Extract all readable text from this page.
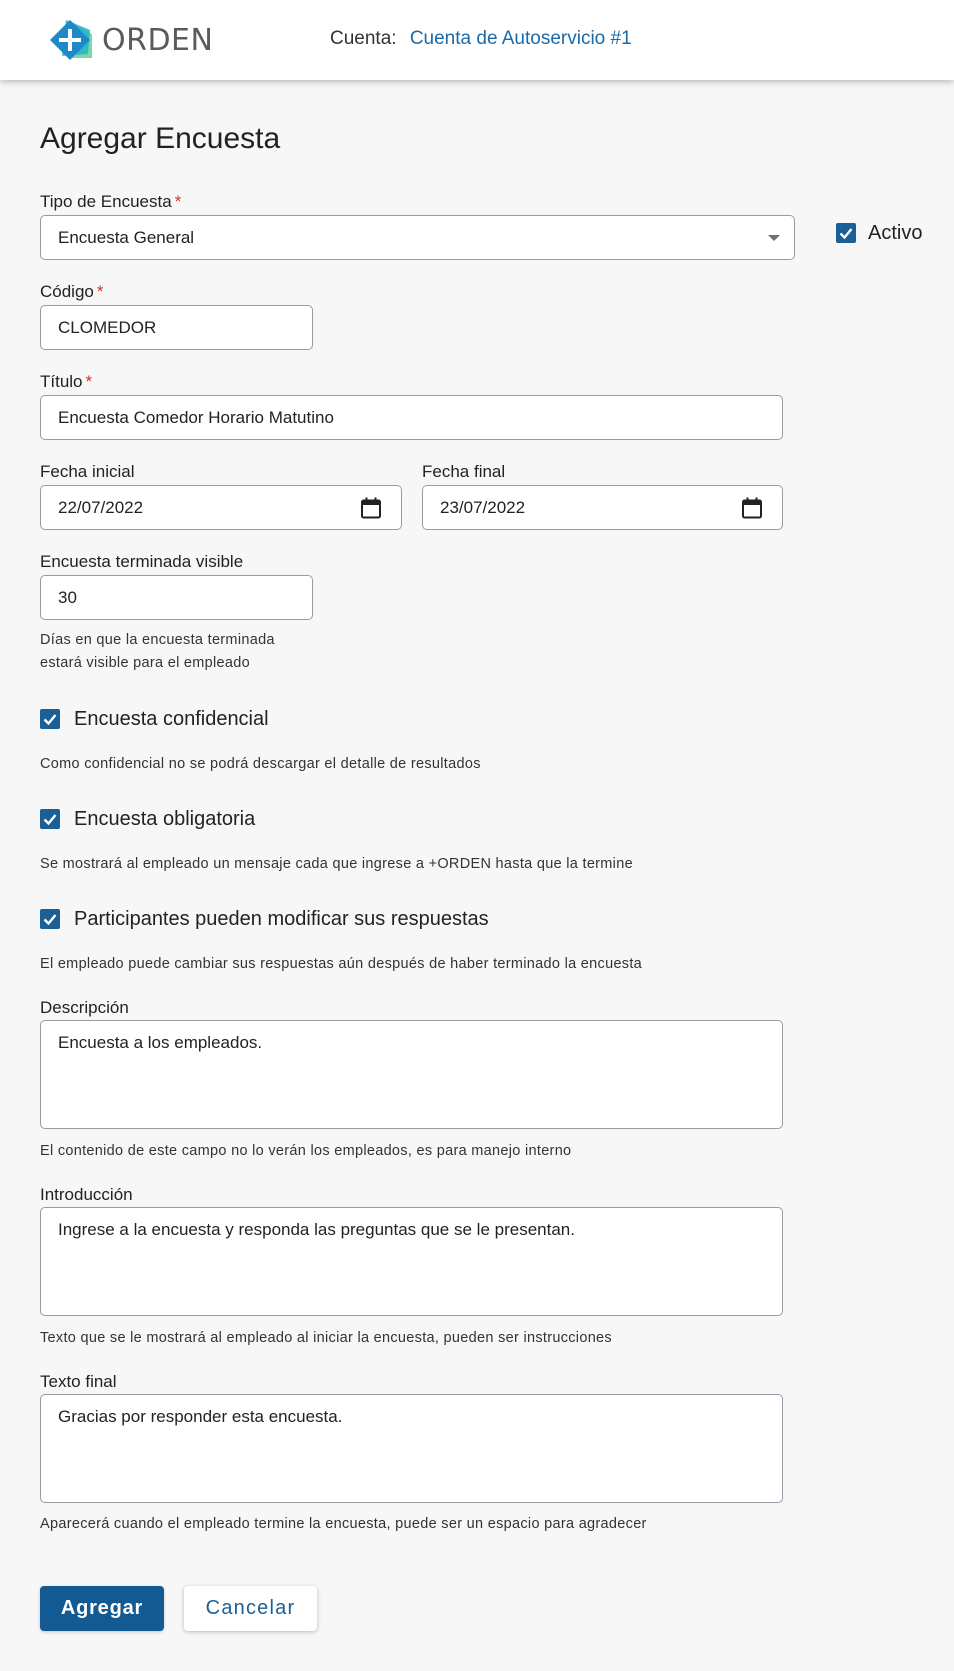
ORDEN	Cuenta: Cuenta de Autoservicio #1
Agregar Encuesta
Tipo de Encuesta *
Encuesta General	Activo
Código *
CLOMEDOR
Título *
Encuesta Comedor Horario Matutino
Fecha inicial
22/07/2022
Fecha final
23/07/2022
Encuesta terminada visible
30
Días en que la encuesta terminada
estará visible para el empleado
Encuesta confidencial
Como confidencial no se podrá descargar el detalle de resultados
Encuesta obligatoria
Se mostrará al empleado un mensaje cada que ingrese a +ORDEN hasta que la termine
Participantes pueden modificar sus respuestas
El empleado puede cambiar sus respuestas aún después de haber terminado la encuesta
Descripción
Encuesta a los empleados.
El contenido de este campo no lo verán los empleados, es para manejo interno
Introducción
Ingrese a la encuesta y responda las preguntas que se le presentan.
Texto que se le mostrará al empleado al iniciar la encuesta, pueden ser instrucciones
Texto final
Gracias por responder esta encuesta.
Aparecerá cuando el empleado termine la encuesta, puede ser un espacio para agradecer
Agregar	Cancelar
